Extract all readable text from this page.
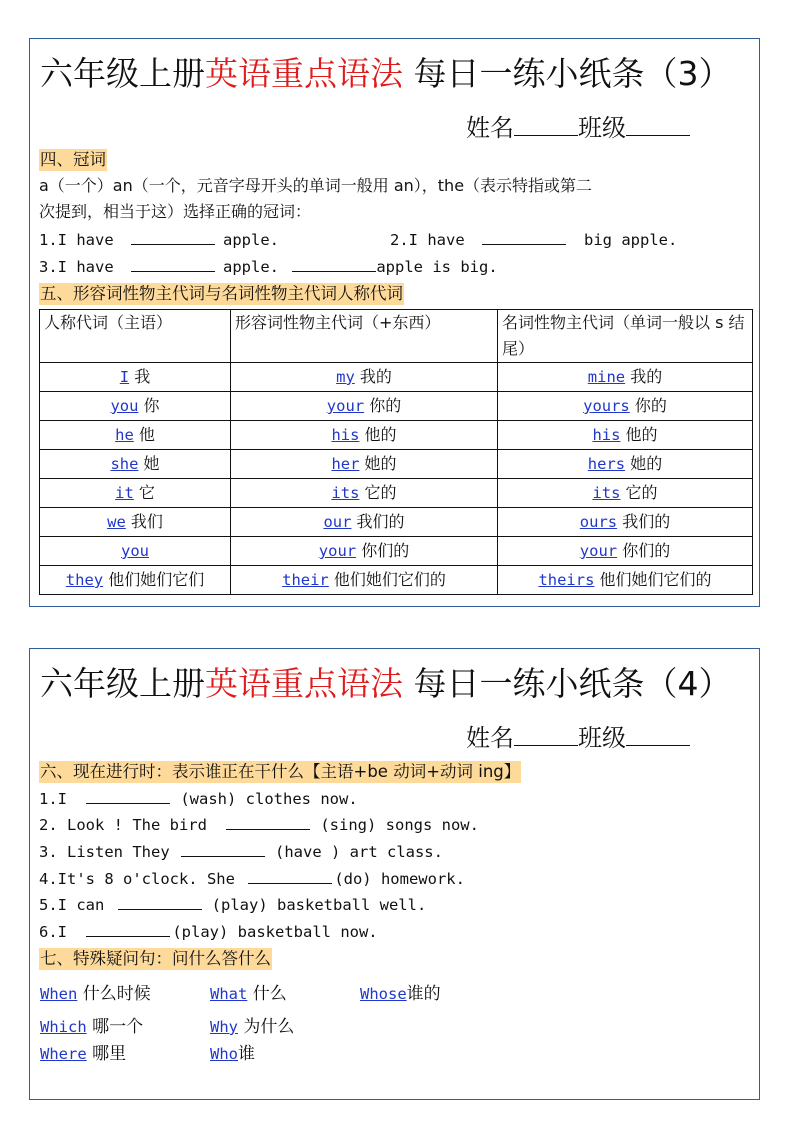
六年级上册英语重点语法 每日一练小纸条（3）
姓名	班级
四、冠词
a（一个）an（一个，元音字母开头的单词一般用 an），the（表示特指或第二
次提到，相当于这）选择正确的冠词：
1.I have	apple.	2.I have	big apple.
3.I have	apple.	apple is big.
五、形容词性物主代词与名词性物主代词人称代词
人称代词（主语）	形容词性物主代词（+东西）	名词性物主代词（单词一般以 s 结尾）
I 我	my 我的	mine 我的
you 你	your 你的	yours 你的
he 他	his 他的	his 他的
she 她	her 她的	hers 她的
it 它	its 它的	its 它的
we 我们	our 我们的	ours 我们的
you	your 你们的	your 你们的
they 他们她们它们	their 他们她们它们的	theirs 他们她们它们的
六年级上册英语重点语法 每日一练小纸条（4）
姓名	班级
六、现在进行时：表示谁正在干什么【主语+be 动词+动词 ing】
1.I	(wash) clothes now.
2. Look ! The bird	(sing) songs now.
3. Listen They	(have ) art class.
4.It's 8 o'clock. She	(do) homework.
5.I can	(play) basketball well.
6.I	(play) basketball now.
七、特殊疑问句：问什么答什么
When 什么时候	What 什么	Whose谁的
Which 哪一个	Why 为什么
Where 哪里	Who谁
